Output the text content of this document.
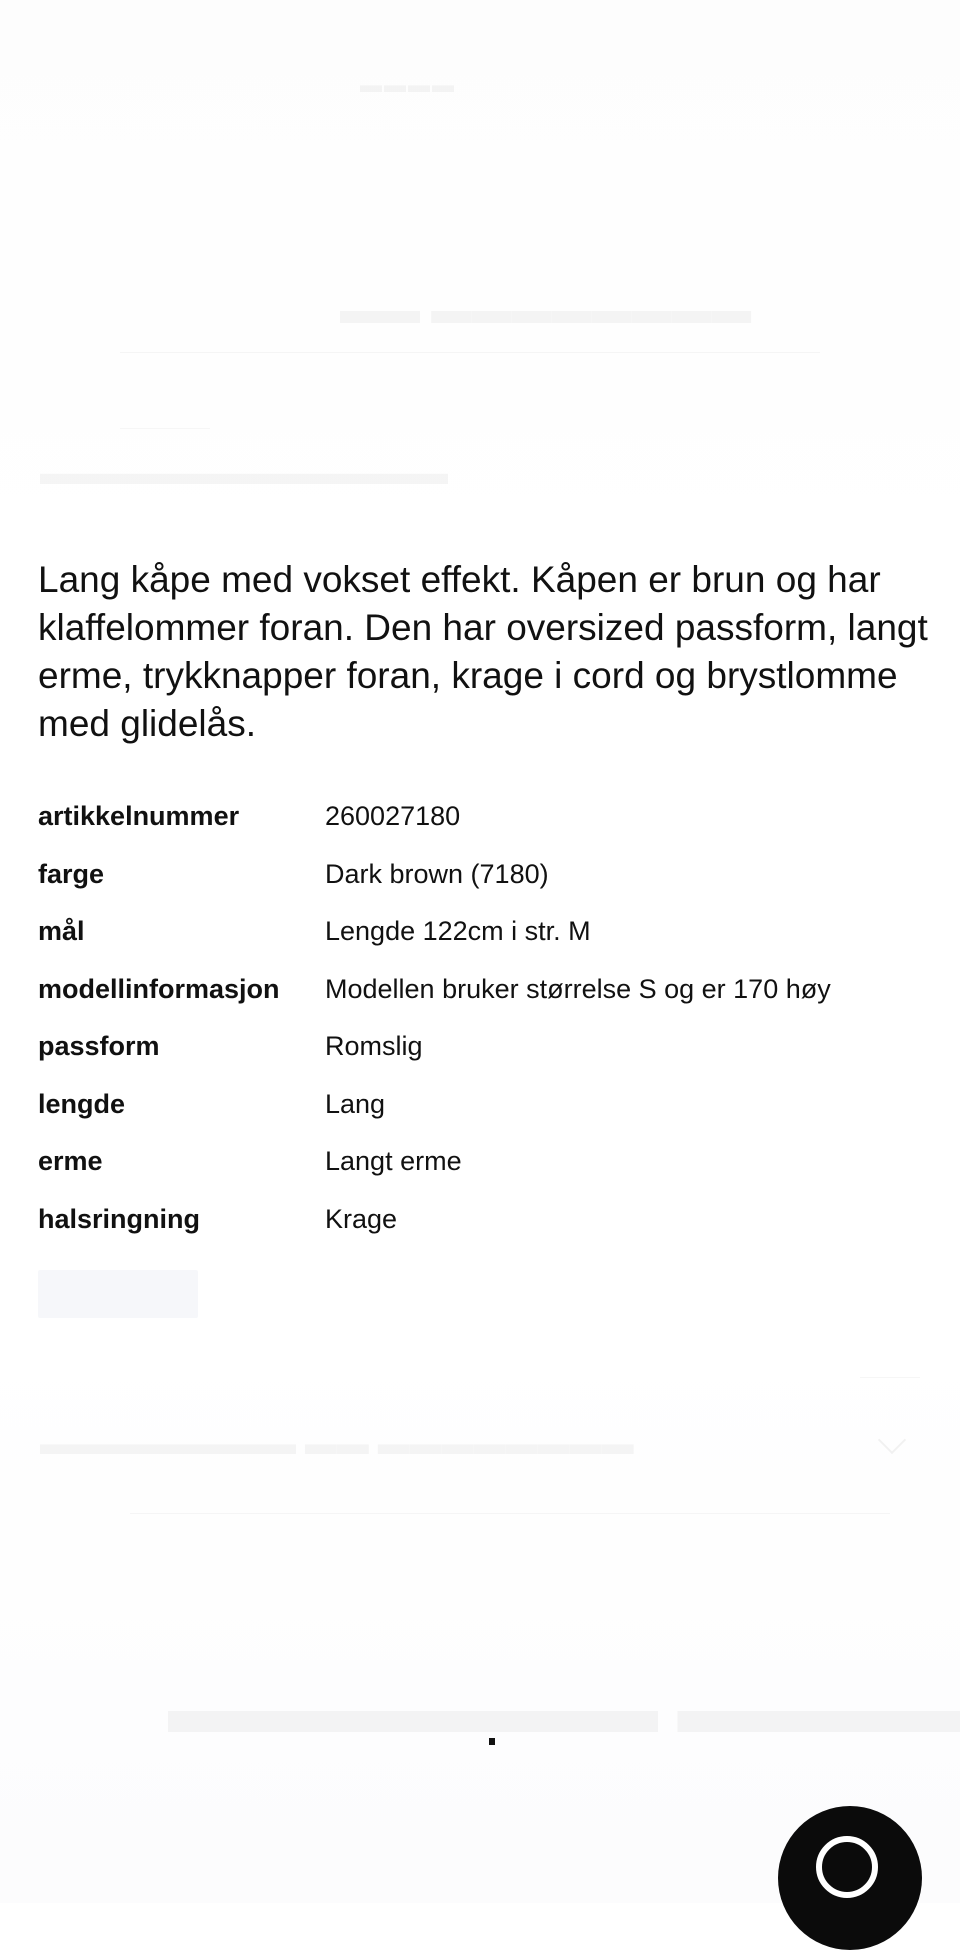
Lang kåpe med vokset effekt. Kåpen er brun og har klaffelommer foran. Den har oversized passform, langt erme, trykknapper foran, krage i cord og brystlomme med glidelås.

artikkelnummer	260027180
farge	Dark brown (7180)
mål	Lengde 122cm i str. M
modellinformasjon	Modellen bruker størrelse S og er 170 høy
passform	Romslig
lengde	Lang
erme	Langt erme
halsringning	Krage
